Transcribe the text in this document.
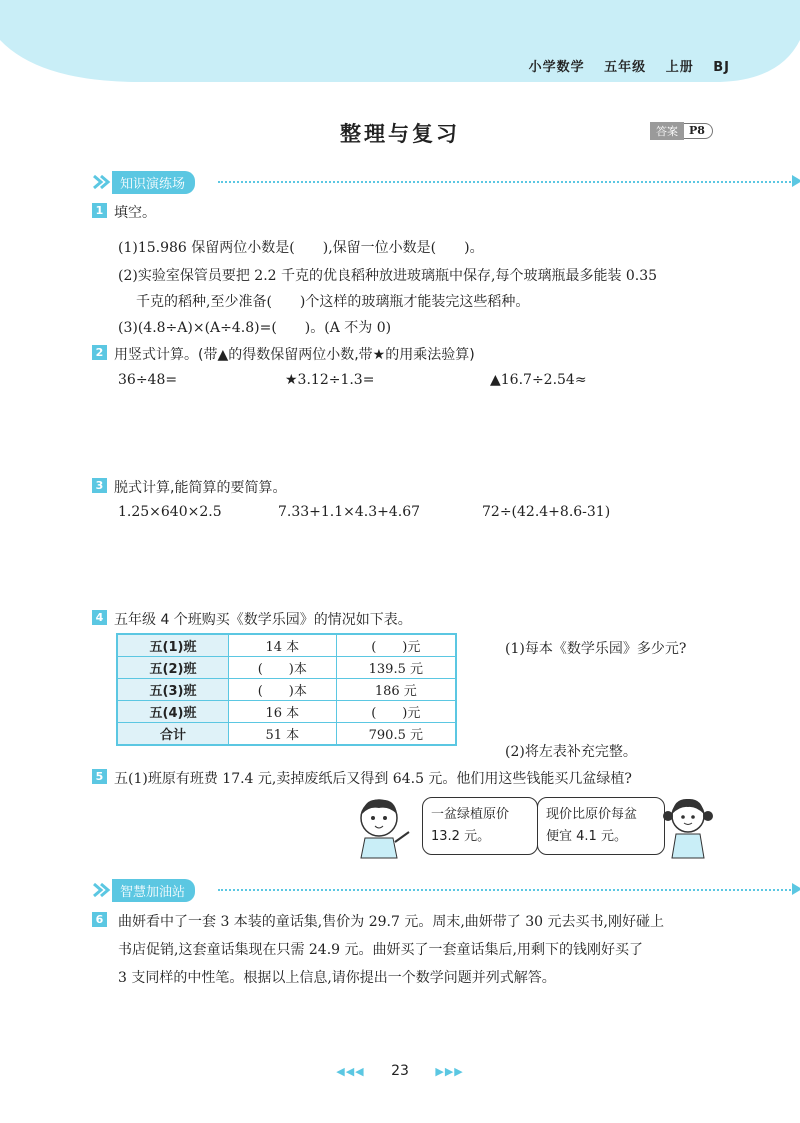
小学数学 五年级 上册 BJ
整理与复习	答案	P8
知识演练场
1 填空。
(1)15.986 保留两位小数是(　　),保留一位小数是(　　)。
(2)实验室保管员要把 2.2 千克的优良稻种放进玻璃瓶中保存,每个玻璃瓶最多能装 0.35
千克的稻种,至少准备(　　)个这样的玻璃瓶才能装完这些稻种。
(3)(4.8÷A)×(A÷4.8)=(　　)。(A 不为 0)
2 用竖式计算。(带▲的得数保留两位小数,带★的用乘法验算)
36÷48=	★3.12÷1.3=	▲16.7÷2.54≈
3 脱式计算,能简算的要简算。
1.25×640×2.5	7.33+1.1×4.3+4.67	72÷(42.4+8.6-31)
4 五年级 4 个班购买《数学乐园》的情况如下表。
五(1)班	14 本	(　　)元
五(2)班	(　　)本	139.5 元
五(3)班	(　　)本	186 元
五(4)班	16 本	(　　)元
合计	51 本	790.5 元
(1)每本《数学乐园》多少元?
(2)将左表补充完整。
5 五(1)班原有班费 17.4 元,卖掉废纸后又得到 64.5 元。他们用这些钱能买几盆绿植?
一盆绿植原价
13.2 元。
现价比原价每盆
便宜 4.1 元。
智慧加油站
6 曲妍看中了一套 3 本装的童话集,售价为 29.7 元。周末,曲妍带了 30 元去买书,刚好碰上
书店促销,这套童话集现在只需 24.9 元。曲妍买了一套童话集后,用剩下的钱刚好买了
3 支同样的中性笔。根据以上信息,请你提出一个数学问题并列式解答。
◀◀◀ 23 ▶▶▶
